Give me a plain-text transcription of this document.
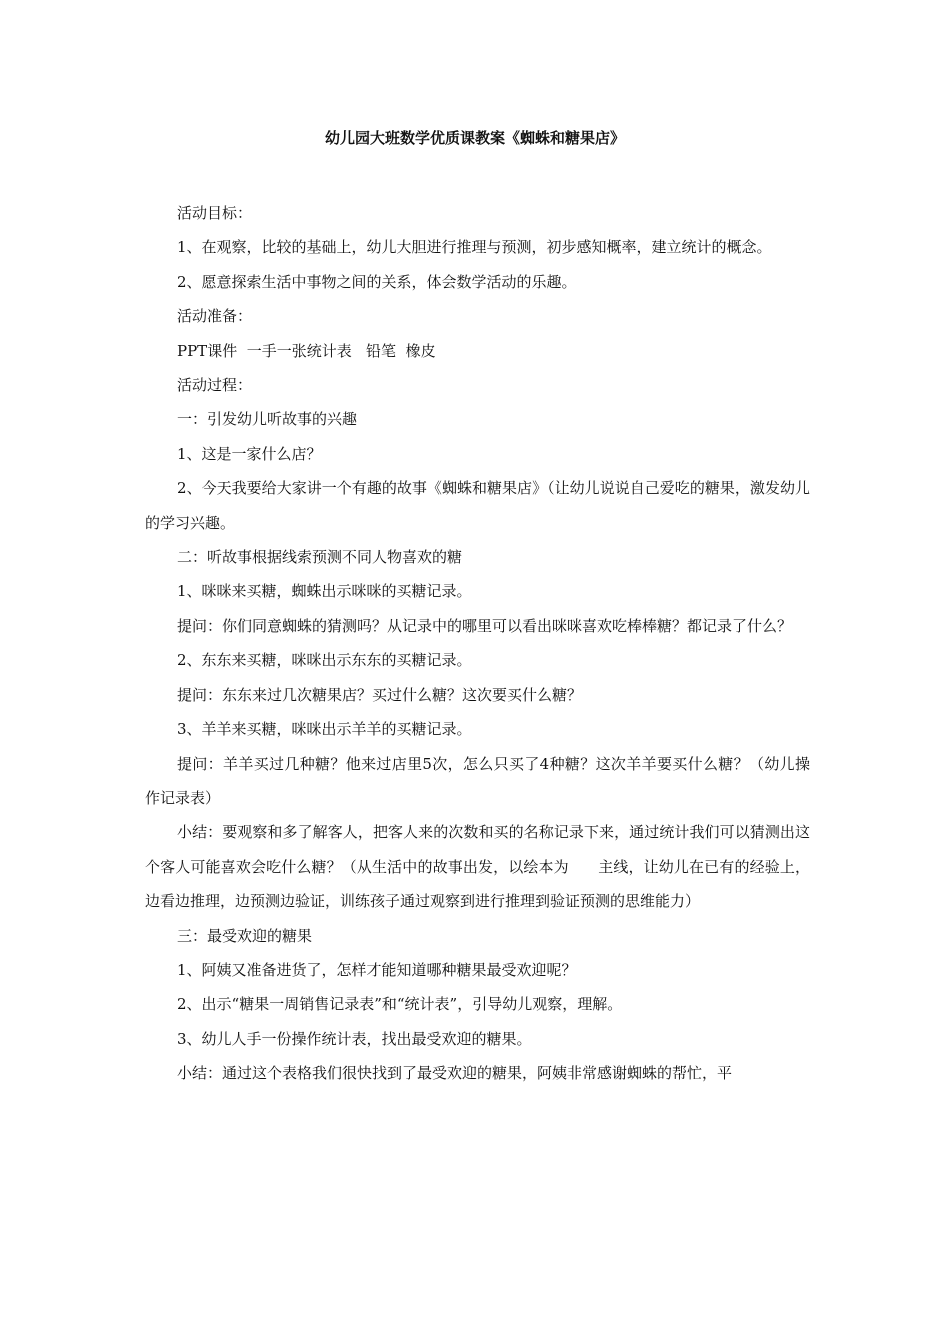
幼儿园大班数学优质课教案《蜘蛛和糖果店》

活动目标：

1、在观察，比较的基础上，幼儿大胆进行推理与预测，初步感知概率，建立统计的概念。

2、愿意探索生活中事物之间的关系，体会数学活动的乐趣。

活动准备：

PPT课件  一手一张统计表   铅笔  橡皮

活动过程：

一：引发幼儿听故事的兴趣

1、这是一家什么店？

2、今天我要给大家讲一个有趣的故事《蜘蛛和糖果店》（让幼儿说说自己爱吃的糖果，激发幼儿的学习兴趣。

二：听故事根据线索预测不同人物喜欢的糖

1、咪咪来买糖，蜘蛛出示咪咪的买糖记录。

提问：你们同意蜘蛛的猜测吗？从记录中的哪里可以看出咪咪喜欢吃棒棒糖？都记录了什么？

2、东东来买糖，咪咪出示东东的买糖记录。

提问：东东来过几次糖果店？买过什么糖？这次要买什么糖？

3、羊羊来买糖，咪咪出示羊羊的买糖记录。

提问：羊羊买过几种糖？他来过店里5次，怎么只买了4种糖？这次羊羊要买什么糖？（幼儿操作记录表）

小结：要观察和多了解客人，把客人来的次数和买的名称记录下来，通过统计我们可以猜测出这个客人可能喜欢会吃什么糖？（从生活中的故事出发，以绘本为      主线，让幼儿在已有的经验上，边看边推理，边预测边验证，训练孩子通过观察到进行推理到验证预测的思维能力）

三：最受欢迎的糖果

1、阿姨又准备进货了，怎样才能知道哪种糖果最受欢迎呢？

2、出示“糖果一周销售记录表”和“统计表”，引导幼儿观察，理解。

3、幼儿人手一份操作统计表，找出最受欢迎的糖果。

小结：通过这个表格我们很快找到了最受欢迎的糖果，阿姨非常感谢蜘蛛的帮忙，平
